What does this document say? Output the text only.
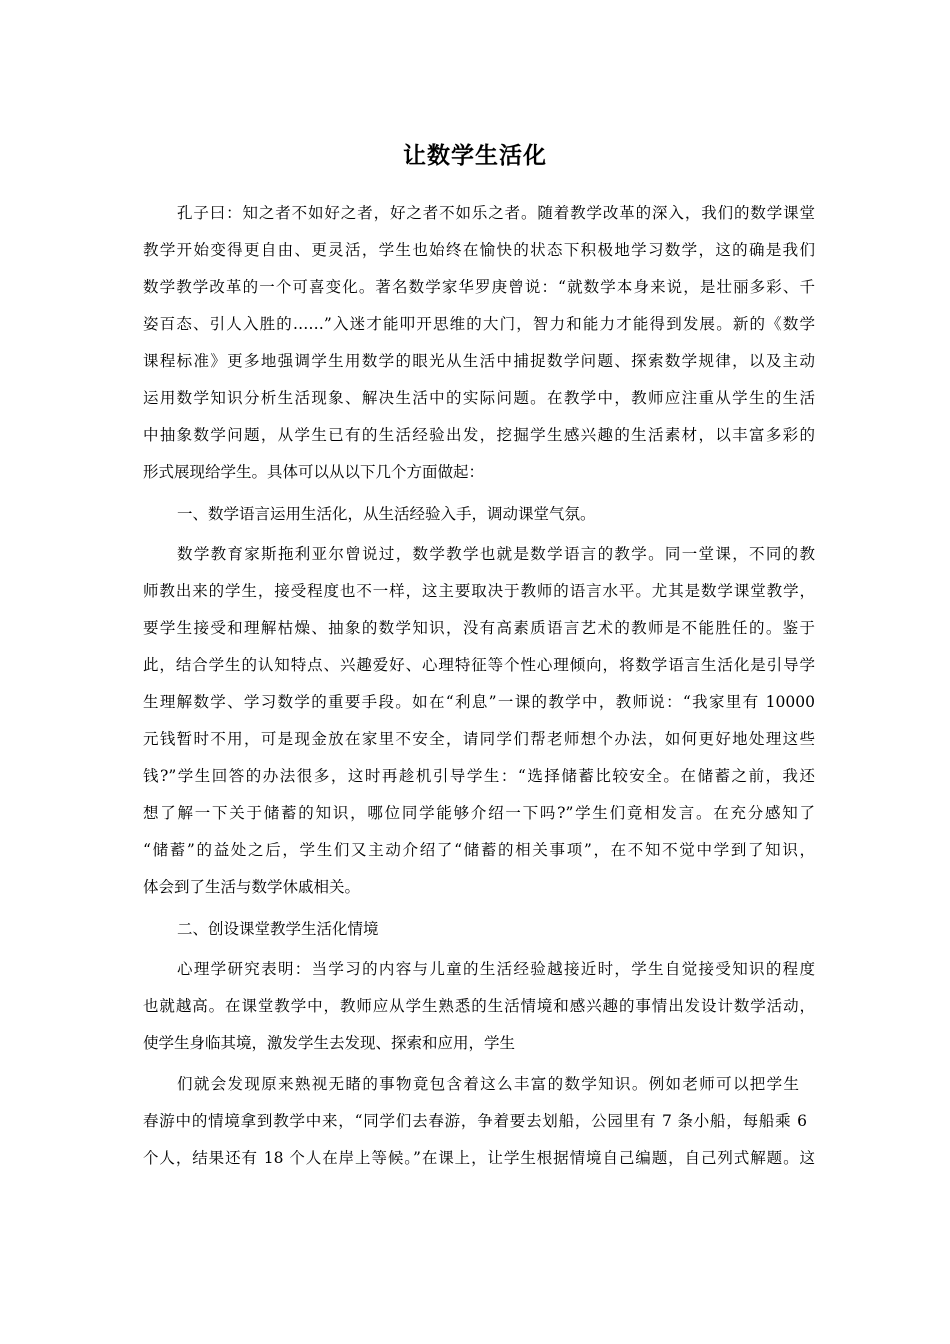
让数学生活化
孔子曰：知之者不如好之者，好之者不如乐之者。随着教学改革的深入，我们的数学课堂
教学开始变得更自由、更灵活，学生也始终在愉快的状态下积极地学习数学，这的确是我们
数学教学改革的一个可喜变化。著名数学家华罗庚曾说：“就数学本身来说，是壮丽多彩、千
姿百态、引人入胜的……”入迷才能叩开思维的大门，智力和能力才能得到发展。新的《数学
课程标准》更多地强调学生用数学的眼光从生活中捕捉数学问题、探索数学规律，以及主动
运用数学知识分析生活现象、解决生活中的实际问题。在教学中，教师应注重从学生的生活
中抽象数学问题，从学生已有的生活经验出发，挖掘学生感兴趣的生活素材，以丰富多彩的
形式展现给学生。具体可以从以下几个方面做起：
一、数学语言运用生活化，从生活经验入手，调动课堂气氛。
数学教育家斯拖利亚尔曾说过，数学教学也就是数学语言的教学。同一堂课，不同的教
师教出来的学生，接受程度也不一样，这主要取决于教师的语言水平。尤其是数学课堂教学，
要学生接受和理解枯燥、抽象的数学知识，没有高素质语言艺术的教师是不能胜任的。鉴于
此，结合学生的认知特点、兴趣爱好、心理特征等个性心理倾向，将数学语言生活化是引导学
生理解数学、学习数学的重要手段。如在“利息”一课的教学中，教师说：“我家里有 10000
元钱暂时不用，可是现金放在家里不安全，请同学们帮老师想个办法，如何更好地处理这些
钱?”学生回答的办法很多，这时再趁机引导学生：“选择储蓄比较安全。在储蓄之前，我还
想了解一下关于储蓄的知识，哪位同学能够介绍一下吗?”学生们竟相发言。在充分感知了
“储蓄”的益处之后，学生们又主动介绍了“储蓄的相关事项”，在不知不觉中学到了知识，
体会到了生活与数学休戚相关。
二、创设课堂教学生活化情境
心理学研究表明：当学习的内容与儿童的生活经验越接近时，学生自觉接受知识的程度
也就越高。在课堂教学中，教师应从学生熟悉的生活情境和感兴趣的事情出发设计数学活动，
使学生身临其境，激发学生去发现、探索和应用，学生
们就会发现原来熟视无睹的事物竟包含着这么丰富的数学知识。例如老师可以把学生
春游中的情境拿到教学中来，“同学们去春游，争着要去划船，公园里有 7 条小船，每船乘 6
个人，结果还有 18 个人在岸上等候。”在课上，让学生根据情境自己编题，自己列式解题。这
